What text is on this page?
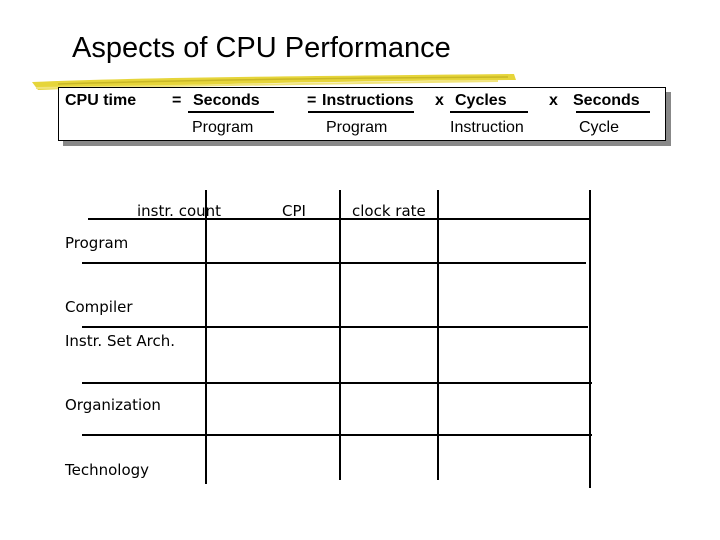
Aspects of CPU Performance
CPU time = Seconds
Program
= Instructions
Program
x Cycles
Instruction
x Seconds
Cycle
instr. count	CPI	clock rate
Program
Compiler
Instr. Set Arch.
Organization
Technology
